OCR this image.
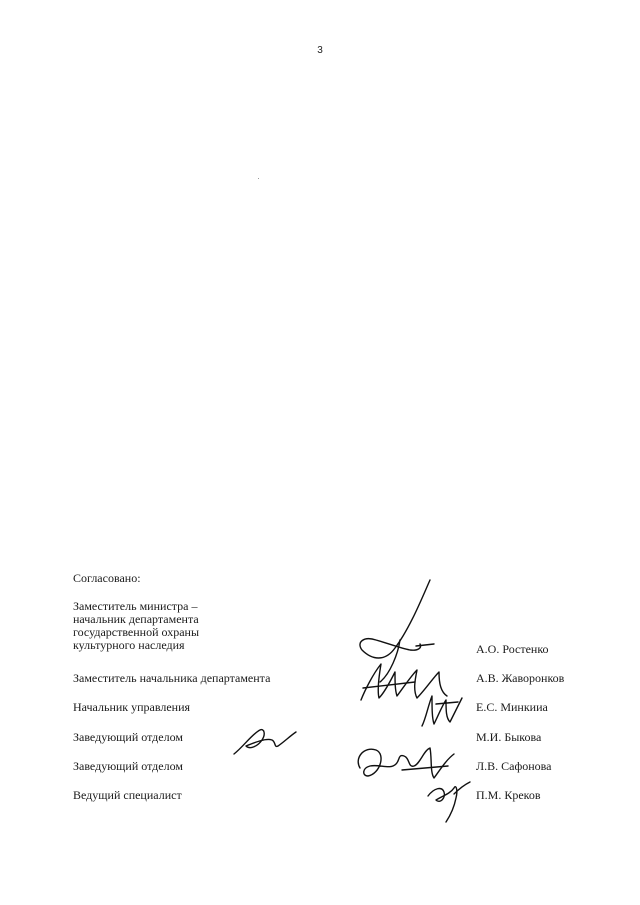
3
Согласовано:
Заместитель министра –
начальник департамента
государственной охраны
культурного наследия	А.О. Ростенко
Заместитель начальника департамента	А.В. Жаворонков
Начальник управления	Е.С. Минкииа
Заведующий отделом	М.И. Быкова
Заведующий отделом	Л.В. Сафонова
Ведущий специалист	П.М. Креков
